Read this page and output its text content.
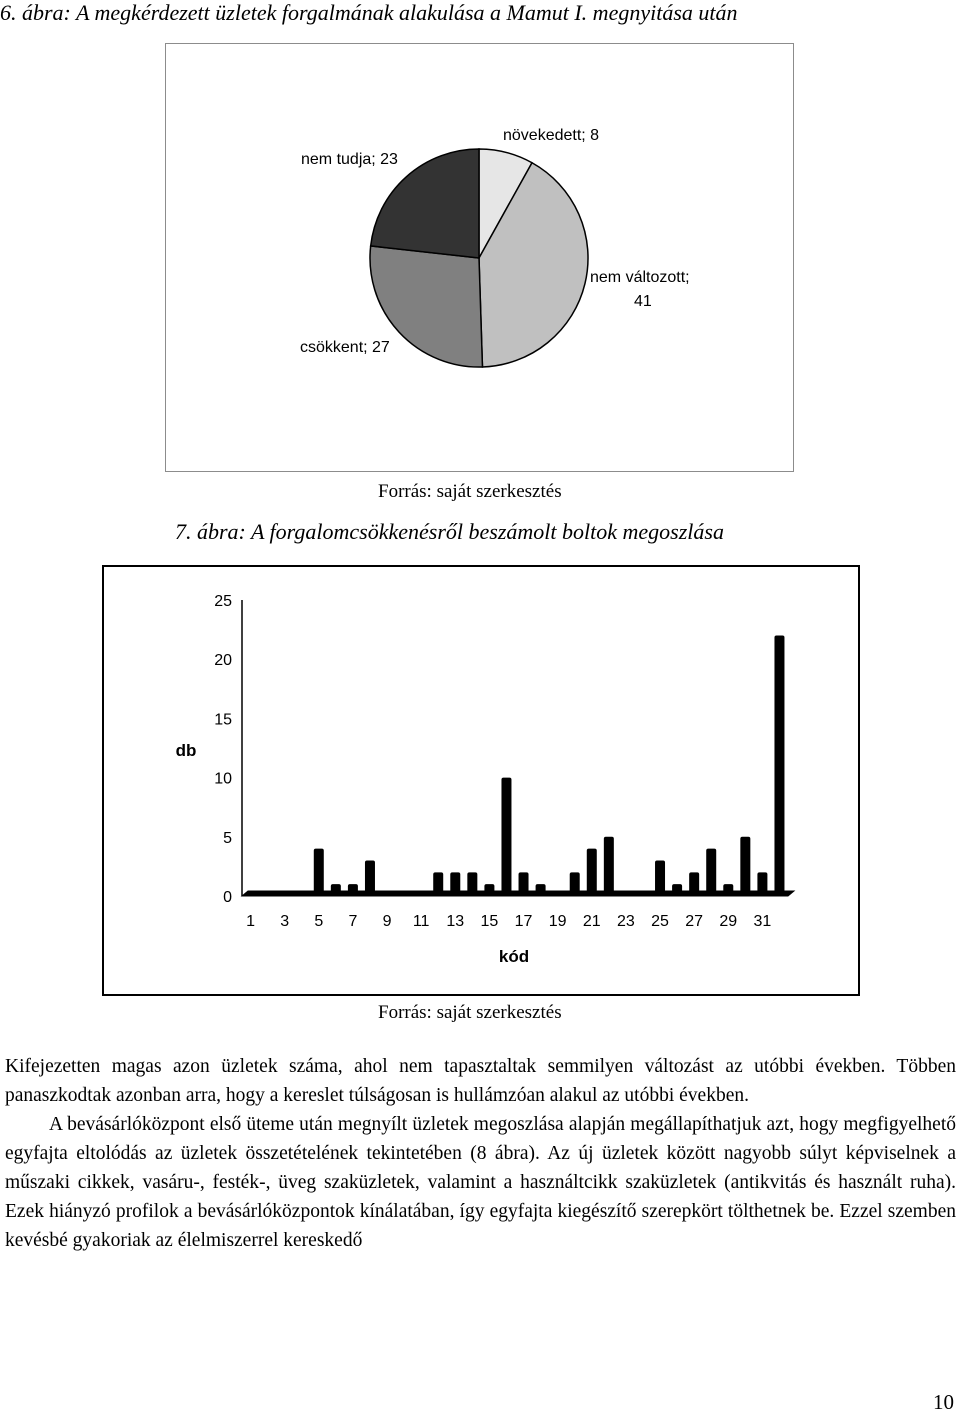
6. ábra: A megkérdezett üzletek forgalmának alakulása a Mamut I. megnyitása után
növekedett; 8
nem változott;
41
csökkent; 27
nem tudja; 23
Forrás: saját szerkesztés
7. ábra: A forgalomcsökkenésről beszámolt boltok megoszlása
0
5
10
15
20
25
1 3 5 7 9 11 13 15 17 19 21 23 25 27 29 31
db
kód
Forrás: saját szerkesztés

Kifejezetten magas azon üzletek száma, ahol nem tapasztaltak semmilyen változást az utóbbi években. Többen panaszkodtak azonban arra, hogy a kereslet túlságosan is hullámzóan alakul az utóbbi években.

A bevásárlóközpont első üteme után megnyílt üzletek megoszlása alapján megállapíthatjuk azt, hogy megfigyelhető egyfajta eltolódás az üzletek összetételének tekintetében (8 ábra). Az új üzletek között nagyobb súlyt képviselnek a műszaki cikkek, vasáru-, festék-, üveg szaküzletek, valamint a használtcikk szaküzletek (antikvitás és használt ruha). Ezek hiányzó profilok a bevásárlóközpontok kínálatában, így egyfajta kiegészítő szerepkört tölthetnek be. Ezzel szemben kevésbé gyakoriak az élelmiszerrel kereskedő

10
